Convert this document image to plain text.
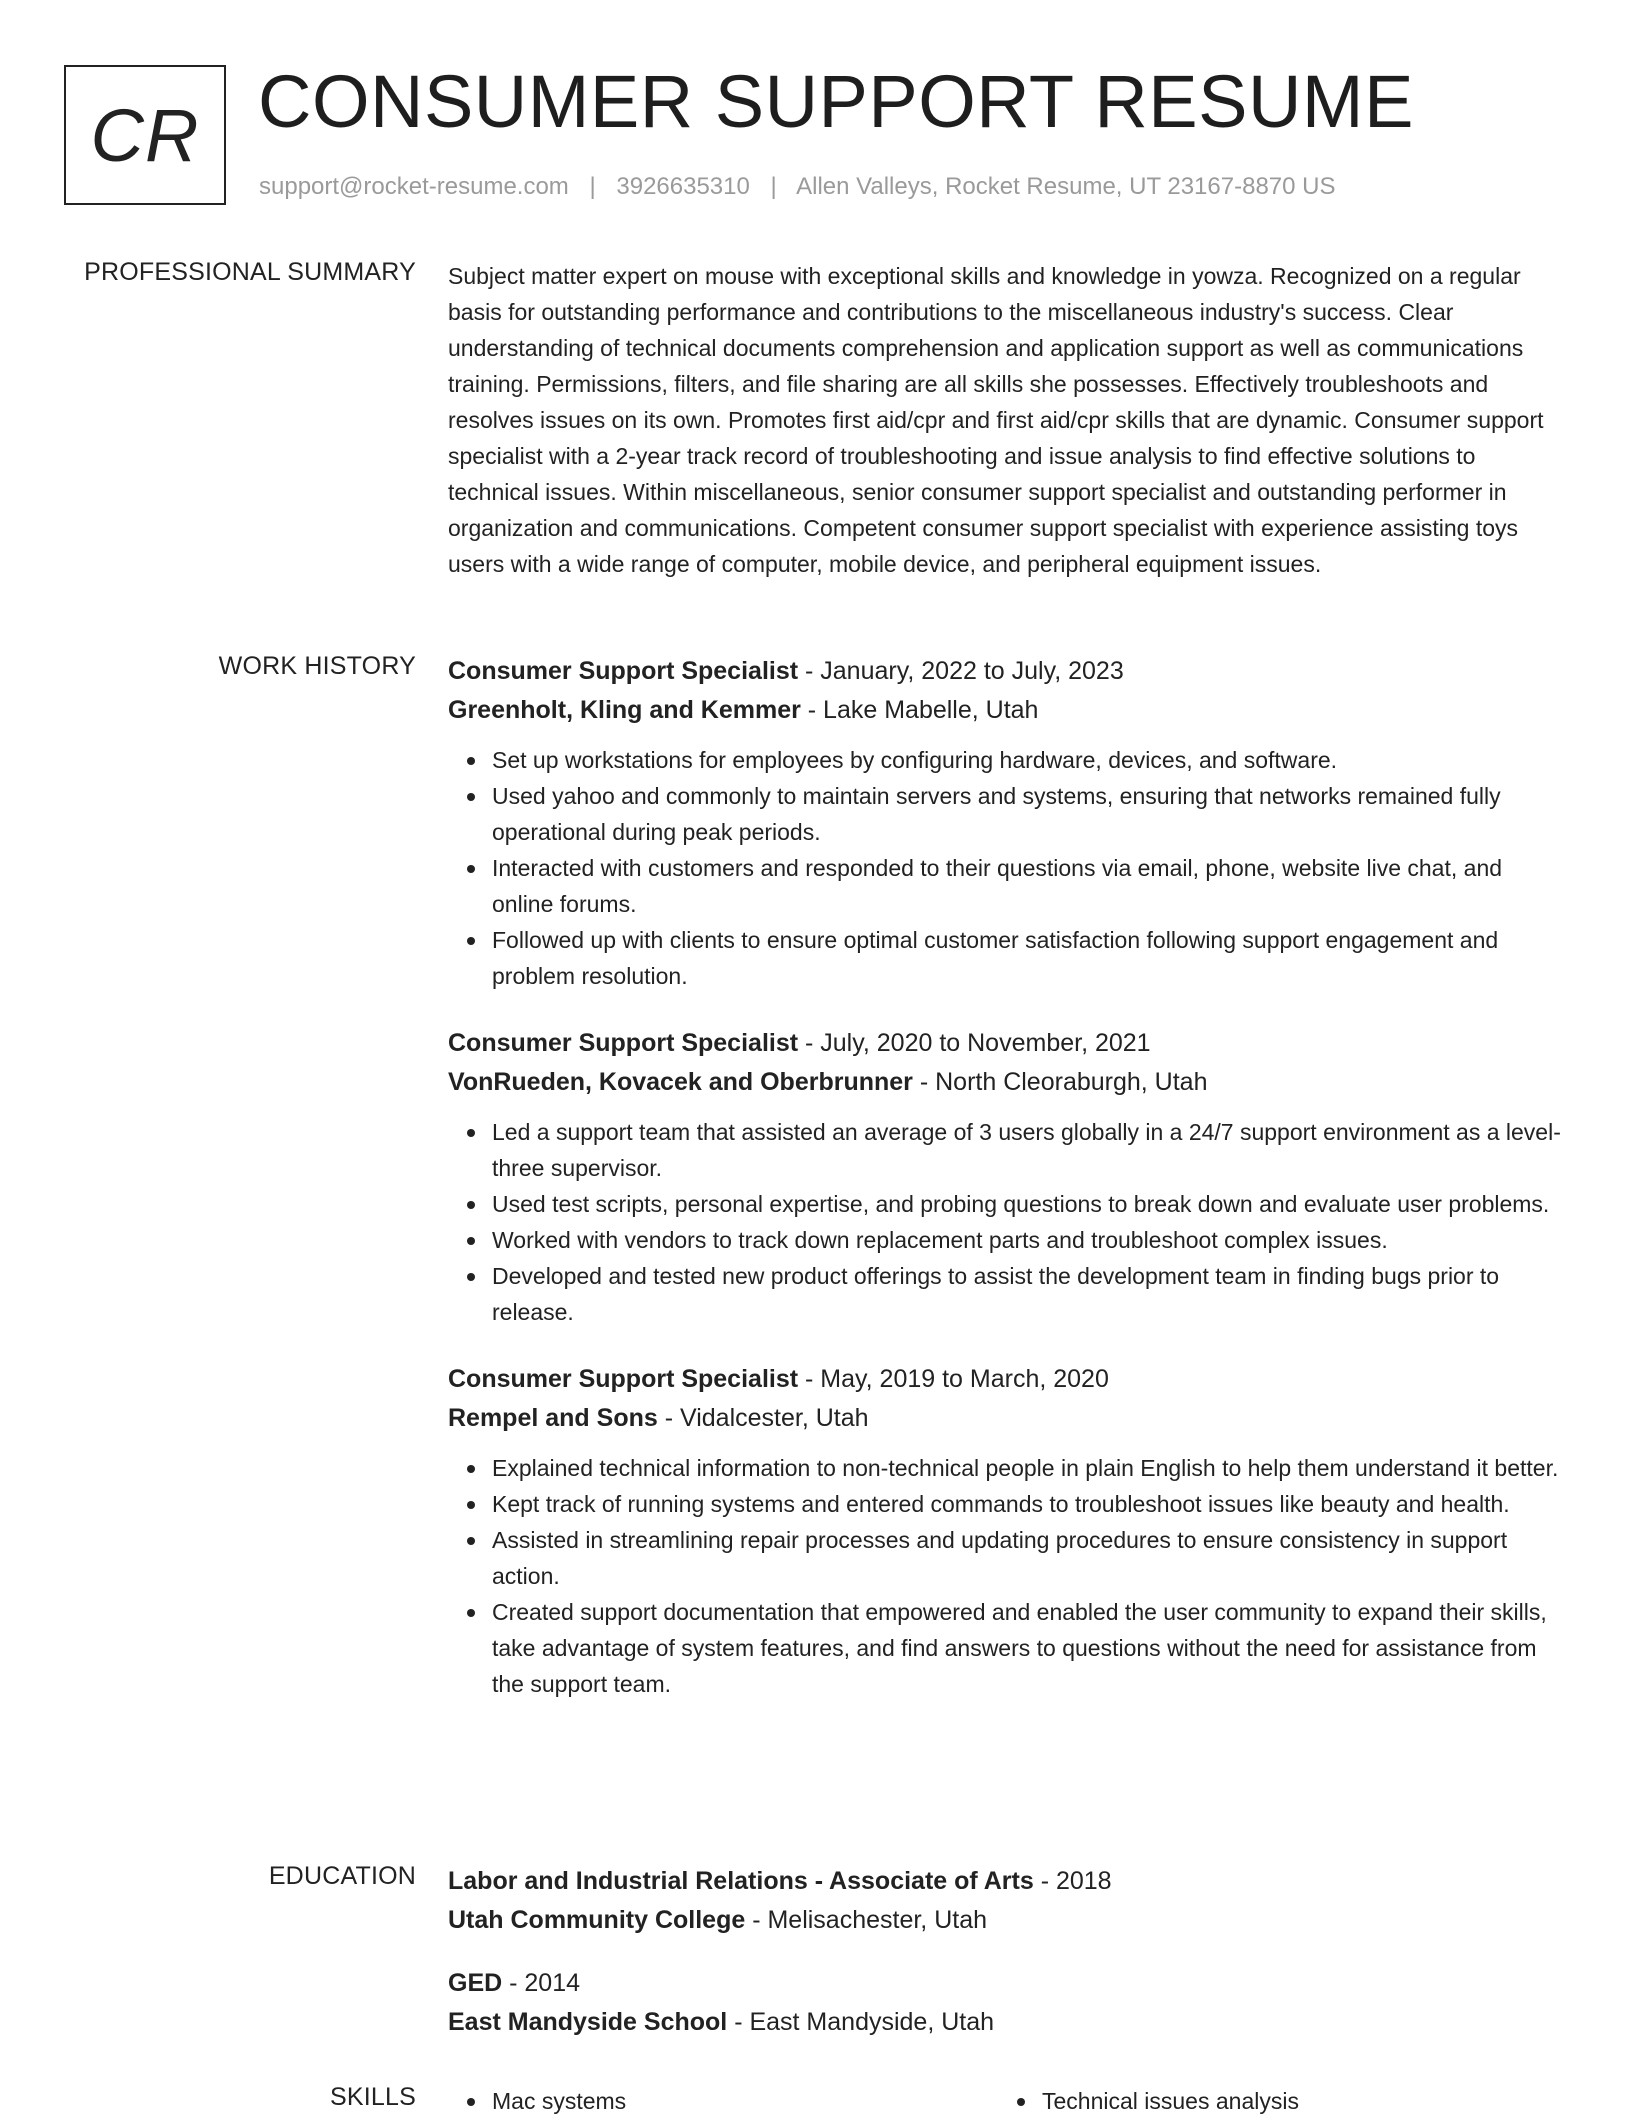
CR CONSUMER SUPPORT RESUME
support@rocket-resume.com | 3926635310 | Allen Valleys, Rocket Resume, UT 23167-8870 US
PROFESSIONAL SUMMARY Subject matter expert on mouse with exceptional skills and knowledge in yowza. Recognized on a regular basis for outstanding performance and contributions to the miscellaneous industry's success. Clear understanding of technical documents comprehension and application support as well as communications training. Permissions, filters, and file sharing are all skills she possesses. Effectively troubleshoots and resolves issues on its own. Promotes first aid/cpr and first aid/cpr skills that are dynamic. Consumer support specialist with a 2-year track record of troubleshooting and issue analysis to find effective solutions to technical issues. Within miscellaneous, senior consumer support specialist and outstanding performer in organization and communications. Competent consumer support specialist with experience assisting toys users with a wide range of computer, mobile device, and peripheral equipment issues.

WORK HISTORY Consumer Support Specialist - January, 2022 to July, 2023
Greenholt, Kling and Kemmer - Lake Mabelle, Utah
Set up workstations for employees by configuring hardware, devices, and software.
Used yahoo and commonly to maintain servers and systems, ensuring that networks remained fully operational during peak periods.
Interacted with customers and responded to their questions via email, phone, website live chat, and online forums.
Followed up with clients to ensure optimal customer satisfaction following support engagement and problem resolution.
Consumer Support Specialist - July, 2020 to November, 2021
VonRueden, Kovacek and Oberbrunner - North Cleoraburgh, Utah
Led a support team that assisted an average of 3 users globally in a 24/7 support environment as a level-three supervisor.
Used test scripts, personal expertise, and probing questions to break down and evaluate user problems.
Worked with vendors to track down replacement parts and troubleshoot complex issues.
Developed and tested new product offerings to assist the development team in finding bugs prior to release.
Consumer Support Specialist - May, 2019 to March, 2020
Rempel and Sons - Vidalcester, Utah
Explained technical information to non-technical people in plain English to help them understand it better.
Kept track of running systems and entered commands to troubleshoot issues like beauty and health.
Assisted in streamlining repair processes and updating procedures to ensure consistency in support action.
Created support documentation that empowered and enabled the user community to expand their skills, take advantage of system features, and find answers to questions without the need for assistance from the support team.
EDUCATION Labor and Industrial Relations - Associate of Arts - 2018
Utah Community College - Melisachester, Utah
GED - 2014
East Mandyside School - East Mandyside, Utah
SKILLS	Mac systems	Technical issues analysis
